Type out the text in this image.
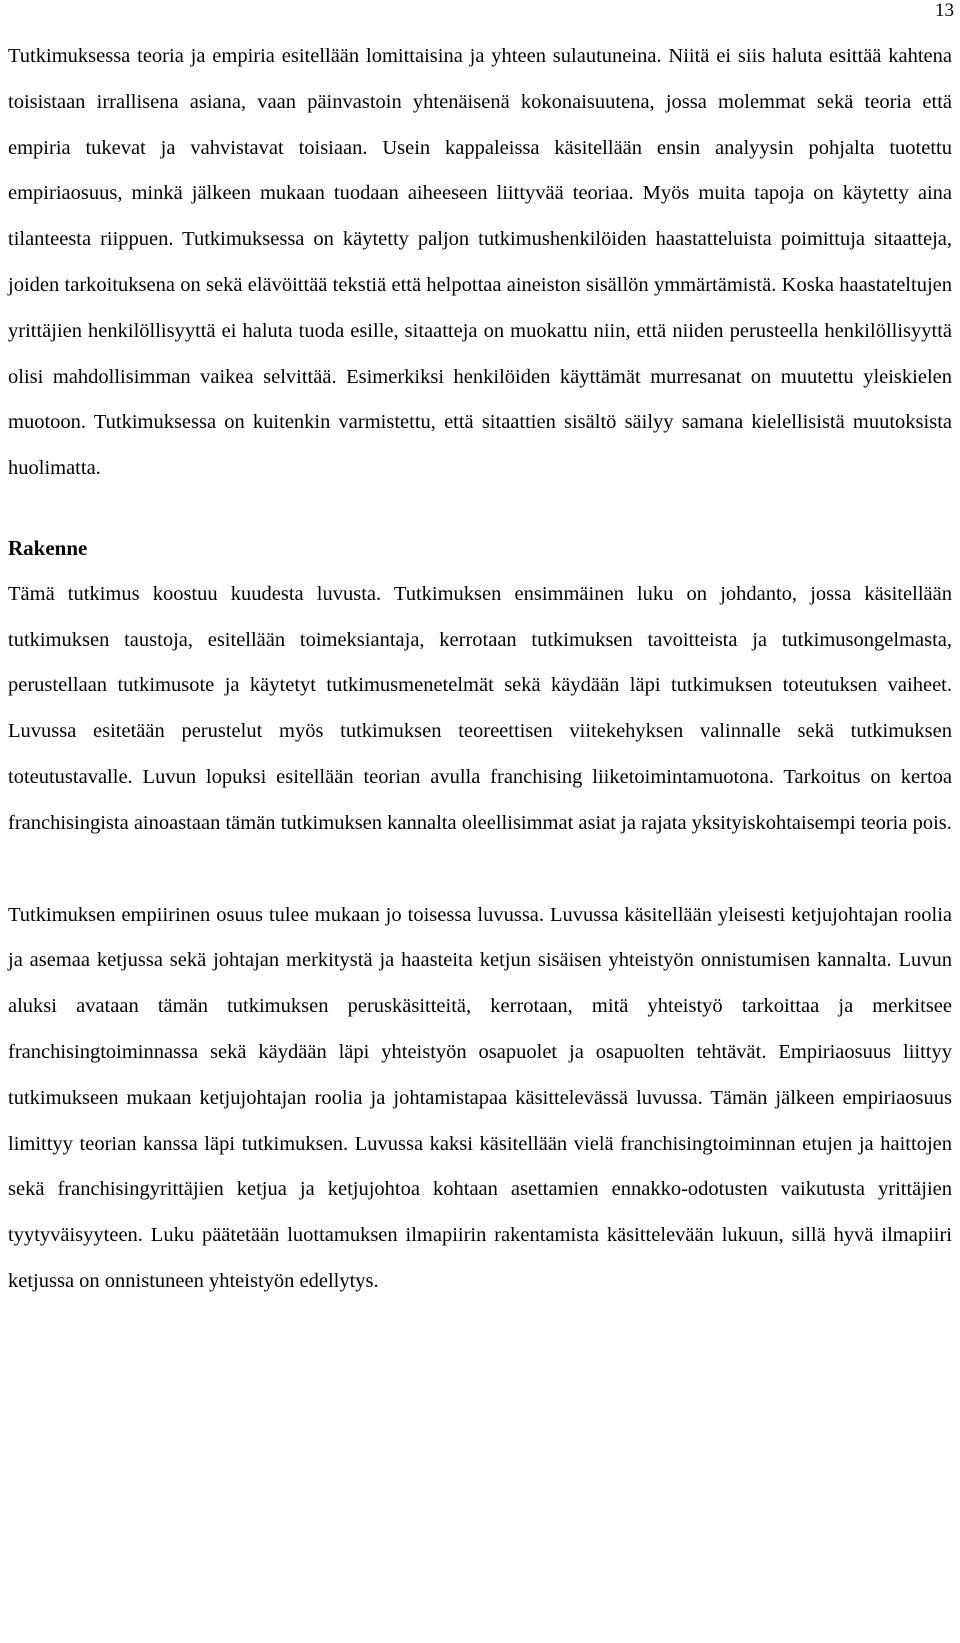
13

Tutkimuksessa teoria ja empiria esitellään lomittaisina ja yhteen sulautuneina. Niitä ei siis haluta esittää kahtena toisistaan irrallisena asiana, vaan päinvastoin yhtenäisenä kokonaisuutena, jossa molemmat sekä teoria että empiria tukevat ja vahvistavat toisiaan. Usein kappaleissa käsitellään ensin analyysin pohjalta tuotettu empiriaosuus, minkä jälkeen mukaan tuodaan aiheeseen liittyvää teoriaa. Myös muita tapoja on käytetty aina tilanteesta riippuen. Tutkimuksessa on käytetty paljon tutkimushenkilöiden haastatteluista poimittuja sitaatteja, joiden tarkoituksena on sekä elävöittää tekstiä että helpottaa aineiston sisällön ymmärtämistä. Koska haastateltujen yrittäjien henkilöllisyyttä ei haluta tuoda esille, sitaatteja on muokattu niin, että niiden perusteella henkilöllisyyttä olisi mahdollisimman vaikea selvittää. Esimerkiksi henkilöiden käyttämät murresanat on muutettu yleiskielen muotoon. Tutkimuksessa on kuitenkin varmistettu, että sitaattien sisältö säilyy samana kielellisistä muutoksista huolimatta.

Rakenne

Tämä tutkimus koostuu kuudesta luvusta. Tutkimuksen ensimmäinen luku on johdanto, jossa käsitellään tutkimuksen taustoja, esitellään toimeksiantaja, kerrotaan tutkimuksen tavoitteista ja tutkimusongelmasta, perustellaan tutkimusote ja käytetyt tutkimusmenetelmät sekä käydään läpi tutkimuksen toteutuksen vaiheet. Luvussa esitetään perustelut myös tutkimuksen teoreettisen viitekehyksen valinnalle sekä tutkimuksen toteutustavalle. Luvun lopuksi esitellään teorian avulla franchising liiketoimintamuotona. Tarkoitus on kertoa franchisingista ainoastaan tämän tutkimuksen kannalta oleellisimmat asiat ja rajata yksityiskohtaisempi teoria pois.

Tutkimuksen empiirinen osuus tulee mukaan jo toisessa luvussa. Luvussa käsitellään yleisesti ketjujohtajan roolia ja asemaa ketjussa sekä johtajan merkitystä ja haasteita ketjun sisäisen yhteistyön onnistumisen kannalta. Luvun aluksi avataan tämän tutkimuksen peruskäsitteitä, kerrotaan, mitä yhteistyö tarkoittaa ja merkitsee franchisingtoiminnassa sekä käydään läpi yhteistyön osapuolet ja osapuolten tehtävät. Empiriaosuus liittyy tutkimukseen mukaan ketjujohtajan roolia ja johtamistapaa käsittelevässä luvussa. Tämän jälkeen empiriaosuus limittyy teorian kanssa läpi tutkimuksen. Luvussa kaksi käsitellään vielä franchisingtoiminnan etujen ja haittojen sekä franchisingyrittäjien ketjua ja ketjujohtoa kohtaan asettamien ennakko-odotusten vaikutusta yrittäjien tyytyväisyyteen. Luku päätetään luottamuksen ilmapiirin rakentamista käsittelevään lukuun, sillä hyvä ilmapiiri ketjussa on onnistuneen yhteistyön edellytys.
